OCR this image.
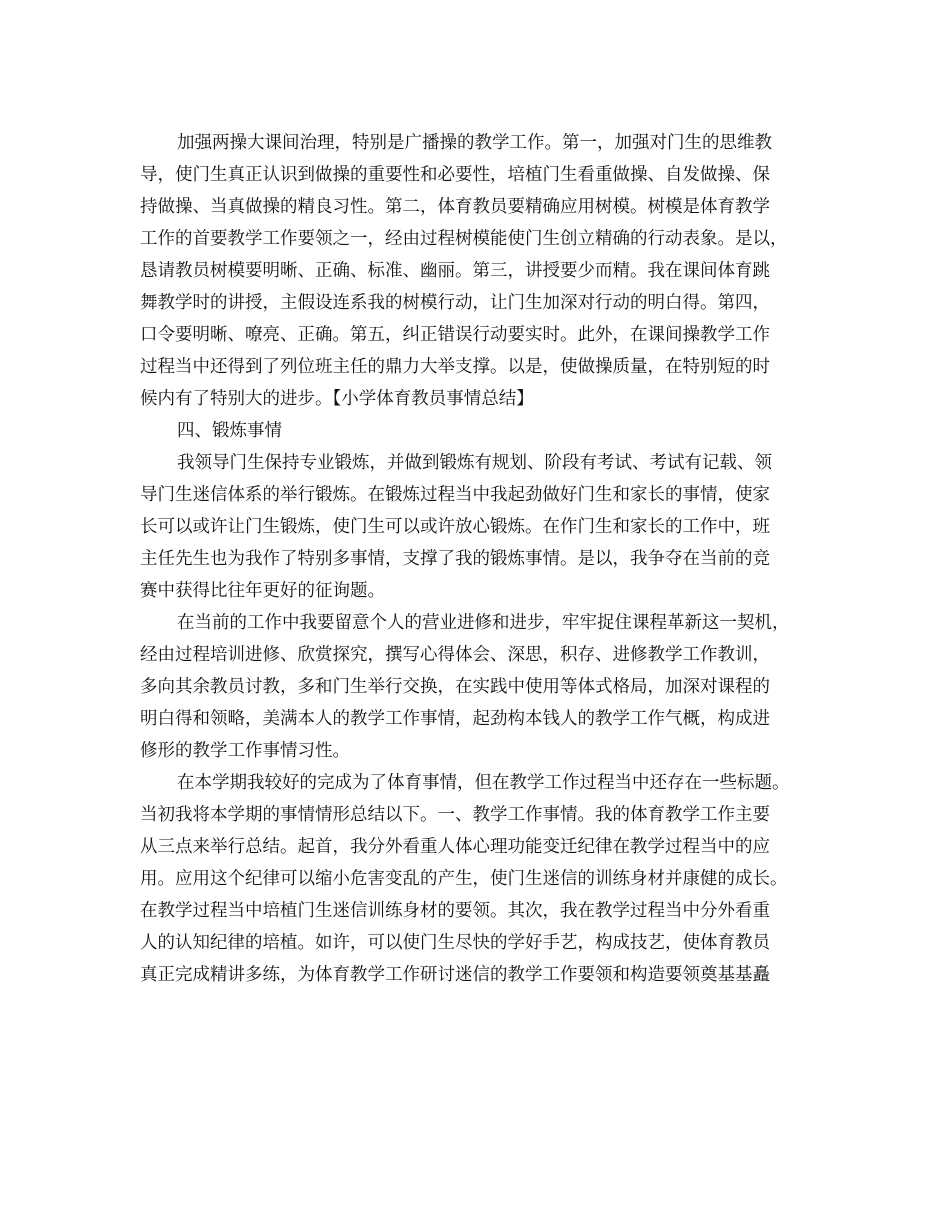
加强两操大课间治理，特别是广播操的教学工作。第一，加强对门生的思维教
导，使门生真正认识到做操的重要性和必要性，培植门生看重做操、自发做操、保
持做操、当真做操的精良习性。第二，体育教员要精确应用树模。树模是体育教学
工作的首要教学工作要领之一，经由过程树模能使门生创立精确的行动表象。是以，
恳请教员树模要明晰、正确、标准、幽丽。第三，讲授要少而精。我在课间体育跳
舞教学时的讲授，主假设连系我的树模行动，让门生加深对行动的明白得。第四，
口令要明晰、嘹亮、正确。第五，纠正错误行动要实时。此外，在课间操教学工作
过程当中还得到了列位班主任的鼎力大举支撑。以是，使做操质量，在特别短的时
候内有了特别大的进步。【小学体育教员事情总结】
四、锻炼事情
我领导门生保持专业锻炼，并做到锻炼有规划、阶段有考试、考试有记载、领
导门生迷信体系的举行锻炼。在锻炼过程当中我起劲做好门生和家长的事情，使家
长可以或许让门生锻炼，使门生可以或许放心锻炼。在作门生和家长的工作中，班
主任先生也为我作了特别多事情，支撑了我的锻炼事情。是以，我争夺在当前的竞
赛中获得比往年更好的征询题。
在当前的工作中我要留意个人的营业进修和进步，牢牢捉住课程革新这一契机，
经由过程培训进修、欣赏探究，撰写心得体会、深思，积存、进修教学工作教训，
多向其余教员讨教，多和门生举行交换，在实践中使用等体式格局，加深对课程的
明白得和领略，美满本人的教学工作事情，起劲构本钱人的教学工作气概，构成进
修形的教学工作事情习性。
在本学期我较好的完成为了体育事情，但在教学工作过程当中还存在一些标题。
当初我将本学期的事情情形总结以下。一、教学工作事情。我的体育教学工作主要
从三点来举行总结。起首，我分外看重人体心理功能变迁纪律在教学过程当中的应
用。应用这个纪律可以缩小危害变乱的产生，使门生迷信的训练身材并康健的成长。
在教学过程当中培植门生迷信训练身材的要领。其次，我在教学过程当中分外看重
人的认知纪律的培植。如许，可以使门生尽快的学好手艺，构成技艺，使体育教员
真正完成精讲多练，为体育教学工作研讨迷信的教学工作要领和构造要领奠基基矗
